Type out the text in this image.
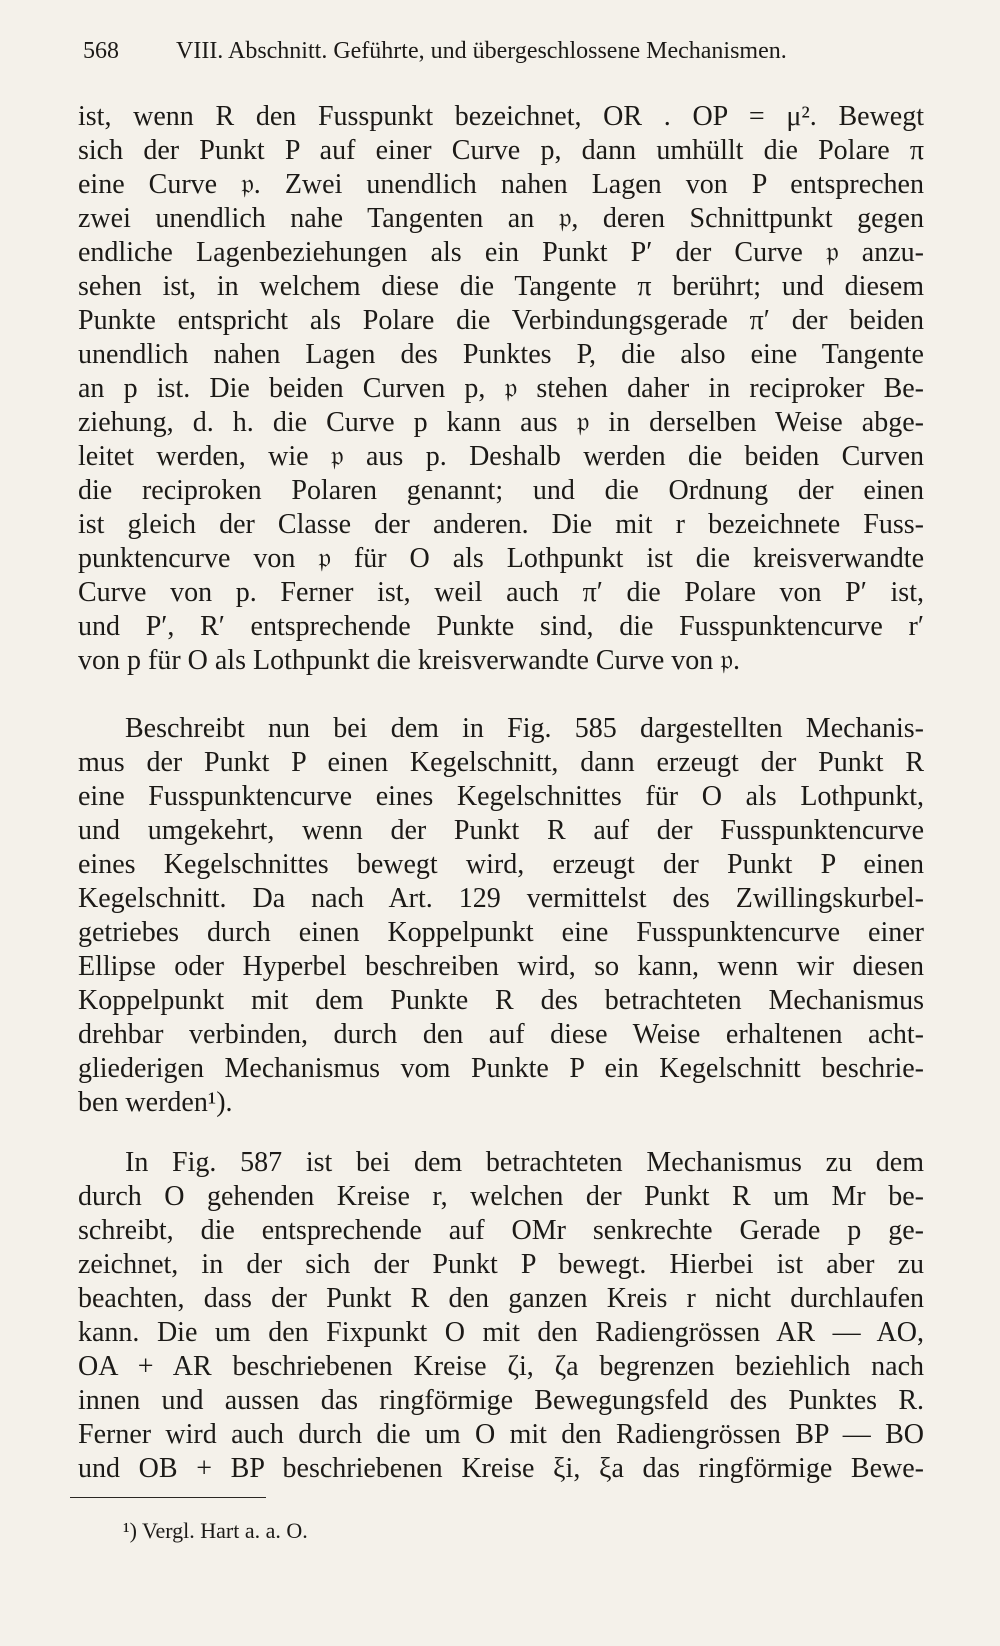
568 VIII. Abschnitt. Geführte, und übergeschlossene Mechanismen.
ist, wenn R den Fusspunkt bezeichnet, OR . OP = μ². Bewegt
sich der Punkt P auf einer Curve p, dann umhüllt die Polare π
eine Curve 𝔭. Zwei unendlich nahen Lagen von P entsprechen
zwei unendlich nahe Tangenten an 𝔭, deren Schnittpunkt gegen
endliche Lagenbeziehungen als ein Punkt P′ der Curve 𝔭 anzu-
sehen ist, in welchem diese die Tangente π berührt; und diesem
Punkte entspricht als Polare die Verbindungsgerade π′ der beiden
unendlich nahen Lagen des Punktes P, die also eine Tangente
an p ist. Die beiden Curven p, 𝔭 stehen daher in reciproker Be-
ziehung, d. h. die Curve p kann aus 𝔭 in derselben Weise abge-
leitet werden, wie 𝔭 aus p. Deshalb werden die beiden Curven
die reciproken Polaren genannt; und die Ordnung der einen
ist gleich der Classe der anderen. Die mit r bezeichnete Fuss-
punktencurve von 𝔭 für O als Lothpunkt ist die kreisverwandte
Curve von p. Ferner ist, weil auch π′ die Polare von P′ ist,
und P′, R′ entsprechende Punkte sind, die Fusspunktencurve r′
von p für O als Lothpunkt die kreisverwandte Curve von 𝔭.
Beschreibt nun bei dem in Fig. 585 dargestellten Mechanis-
mus der Punkt P einen Kegelschnitt, dann erzeugt der Punkt R
eine Fusspunktencurve eines Kegelschnittes für O als Lothpunkt,
und umgekehrt, wenn der Punkt R auf der Fusspunktencurve
eines Kegelschnittes bewegt wird, erzeugt der Punkt P einen
Kegelschnitt. Da nach Art. 129 vermittelst des Zwillingskurbel-
getriebes durch einen Koppelpunkt eine Fusspunktencurve einer
Ellipse oder Hyperbel beschreiben wird, so kann, wenn wir diesen
Koppelpunkt mit dem Punkte R des betrachteten Mechanismus
drehbar verbinden, durch den auf diese Weise erhaltenen acht-
gliederigen Mechanismus vom Punkte P ein Kegelschnitt beschrie-
ben werden¹).
In Fig. 587 ist bei dem betrachteten Mechanismus zu dem
durch O gehenden Kreise r, welchen der Punkt R um Mr be-
schreibt, die entsprechende auf OMr senkrechte Gerade p ge-
zeichnet, in der sich der Punkt P bewegt. Hierbei ist aber zu
beachten, dass der Punkt R den ganzen Kreis r nicht durchlaufen
kann. Die um den Fixpunkt O mit den Radiengrössen AR — AO,
OA + AR beschriebenen Kreise ζi, ζa begrenzen beziehlich nach
innen und aussen das ringförmige Bewegungsfeld des Punktes R.
Ferner wird auch durch die um O mit den Radiengrössen BP — BO
und OB + BP beschriebenen Kreise ξi, ξa das ringförmige Bewe-
¹) Vergl. Hart a. a. O.
